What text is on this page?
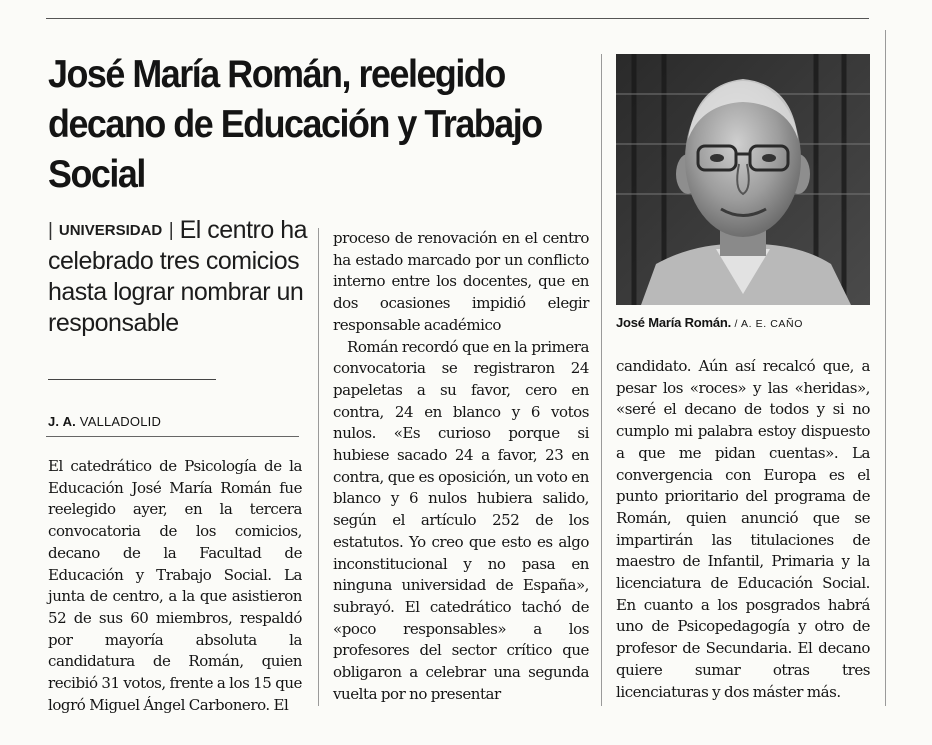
José María Román, reelegido decano de Educación y Trabajo Social
| UNIVERSIDAD | El centro ha celebrado tres comicios hasta lograr nombrar un responsable
J. A. VALLADOLID

El catedrático de Psicología de la Educación José María Román fue reelegido ayer, en la tercera convocatoria de los comicios, decano de la Facultad de Educación y Trabajo Social. La junta de centro, a la que asistieron 52 de sus 60 miembros, respaldó por mayoría absoluta la candidatura de Román, quien recibió 31 votos, frente a los 15 que logró Miguel Ángel Carbonero. El

proceso de renovación en el centro ha estado marcado por un conflicto interno entre los docentes, que en dos ocasiones impidió elegir responsable académico
Román recordó que en la primera convocatoria se registraron 24 papeletas a su favor, cero en contra, 24 en blanco y 6 votos nulos. «Es curioso porque si hubiese sacado 24 a favor, 23 en contra, que es oposición, un voto en blanco y 6 nulos hubiera salido, según el artículo 252 de los estatutos. Yo creo que esto es algo inconstitucional y no pasa en ninguna universidad de España», subrayó. El catedrático tachó de «poco responsables» a los profesores del sector crítico que obligaron a celebrar una segunda vuelta por no presentar
José María Román. / A. E. CAÑO

candidato. Aún así recalcó que, a pesar los «roces» y las «heridas», «seré el decano de todos y si no cumplo mi palabra estoy dispuesto a que me pidan cuentas». La convergencia con Europa es el punto prioritario del programa de Román, quien anunció que se impartirán las titulaciones de maestro de Infantil, Primaria y la licenciatura de Educación Social. En cuanto a los posgrados habrá uno de Psicopedagogía y otro de profesor de Secundaria. El decano quiere sumar otras tres licenciaturas y dos máster más.
